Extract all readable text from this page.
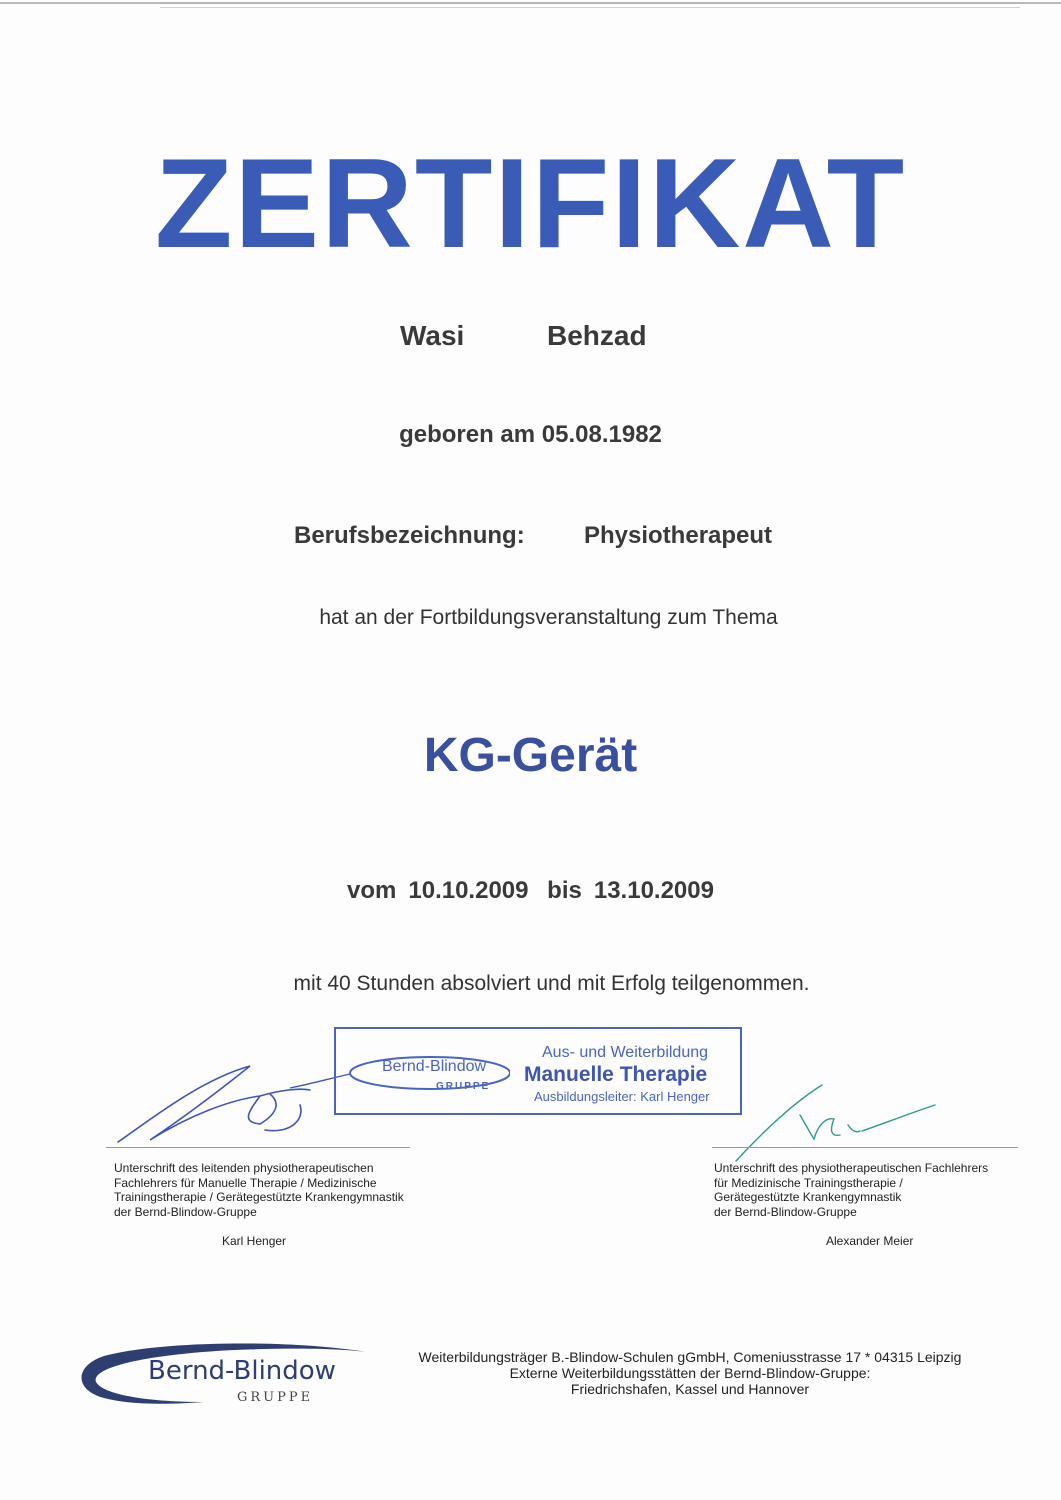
ZERTIFIKAT
Wasi	Behzad
geboren am 05.08.1982
Berufsbezeichnung: Physiotherapeut
hat an der Fortbildungsveranstaltung zum Thema
KG-Gerät
vom 10.10.2009 bis 13.10.2009
mit 40 Stunden absolviert und mit Erfolg teilgenommen.
Bernd-Blindow
GRUPPE
Aus- und Weiterbildung
Manuelle Therapie
Ausbildungsleiter: Karl Henger
Unterschrift des leitenden physiotherapeutischen
Fachlehrers für Manuelle Therapie / Medizinische
Trainingstherapie / Gerätegestützte Krankengymnastik
der Bernd-Blindow-Gruppe
Unterschrift des physiotherapeutischen Fachlehrers
für Medizinische Trainingstherapie /
Gerätegestützte Krankengymnastik
der Bernd-Blindow-Gruppe
Karl Henger	Alexander Meier
Bernd-Blindow
GRUPPE
Weiterbildungsträger B.-Blindow-Schulen gGmbH, Comeniusstrasse 17 * 04315 Leipzig
Externe Weiterbildungsstätten der Bernd-Blindow-Gruppe:
Friedrichshafen, Kassel und Hannover
